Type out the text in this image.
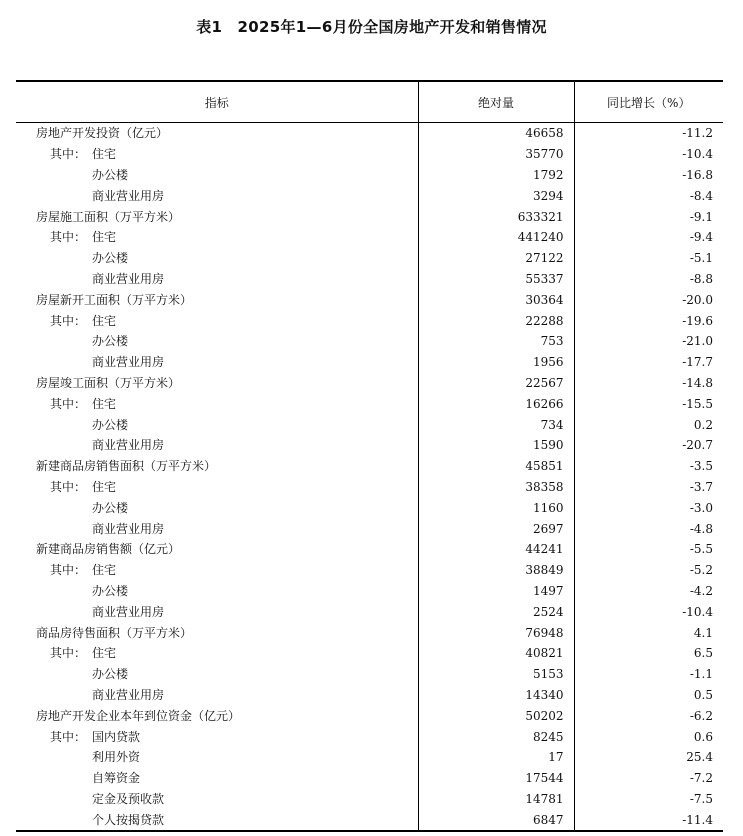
表1　2025年1—6月份全国房地产开发和销售情况
指标	绝对量	同比增长（%）
房地产开发投资（亿元）	46658	-11.2
其中： 住宅	35770	-10.4
办公楼	1792	-16.8
商业营业用房	3294	-8.4
房屋施工面积（万平方米）	633321	-9.1
其中： 住宅	441240	-9.4
办公楼	27122	-5.1
商业营业用房	55337	-8.8
房屋新开工面积（万平方米）	30364	-20.0
其中： 住宅	22288	-19.6
办公楼	753	-21.0
商业营业用房	1956	-17.7
房屋竣工面积（万平方米）	22567	-14.8
其中： 住宅	16266	-15.5
办公楼	734	0.2
商业营业用房	1590	-20.7
新建商品房销售面积（万平方米）	45851	-3.5
其中： 住宅	38358	-3.7
办公楼	1160	-3.0
商业营业用房	2697	-4.8
新建商品房销售额（亿元）	44241	-5.5
其中： 住宅	38849	-5.2
办公楼	1497	-4.2
商业营业用房	2524	-10.4
商品房待售面积（万平方米）	76948	4.1
其中： 住宅	40821	6.5
办公楼	5153	-1.1
商业营业用房	14340	0.5
房地产开发企业本年到位资金（亿元）	50202	-6.2
其中： 国内贷款	8245	0.6
利用外资	17	25.4
自筹资金	17544	-7.2
定金及预收款	14781	-7.5
个人按揭贷款	6847	-11.4
